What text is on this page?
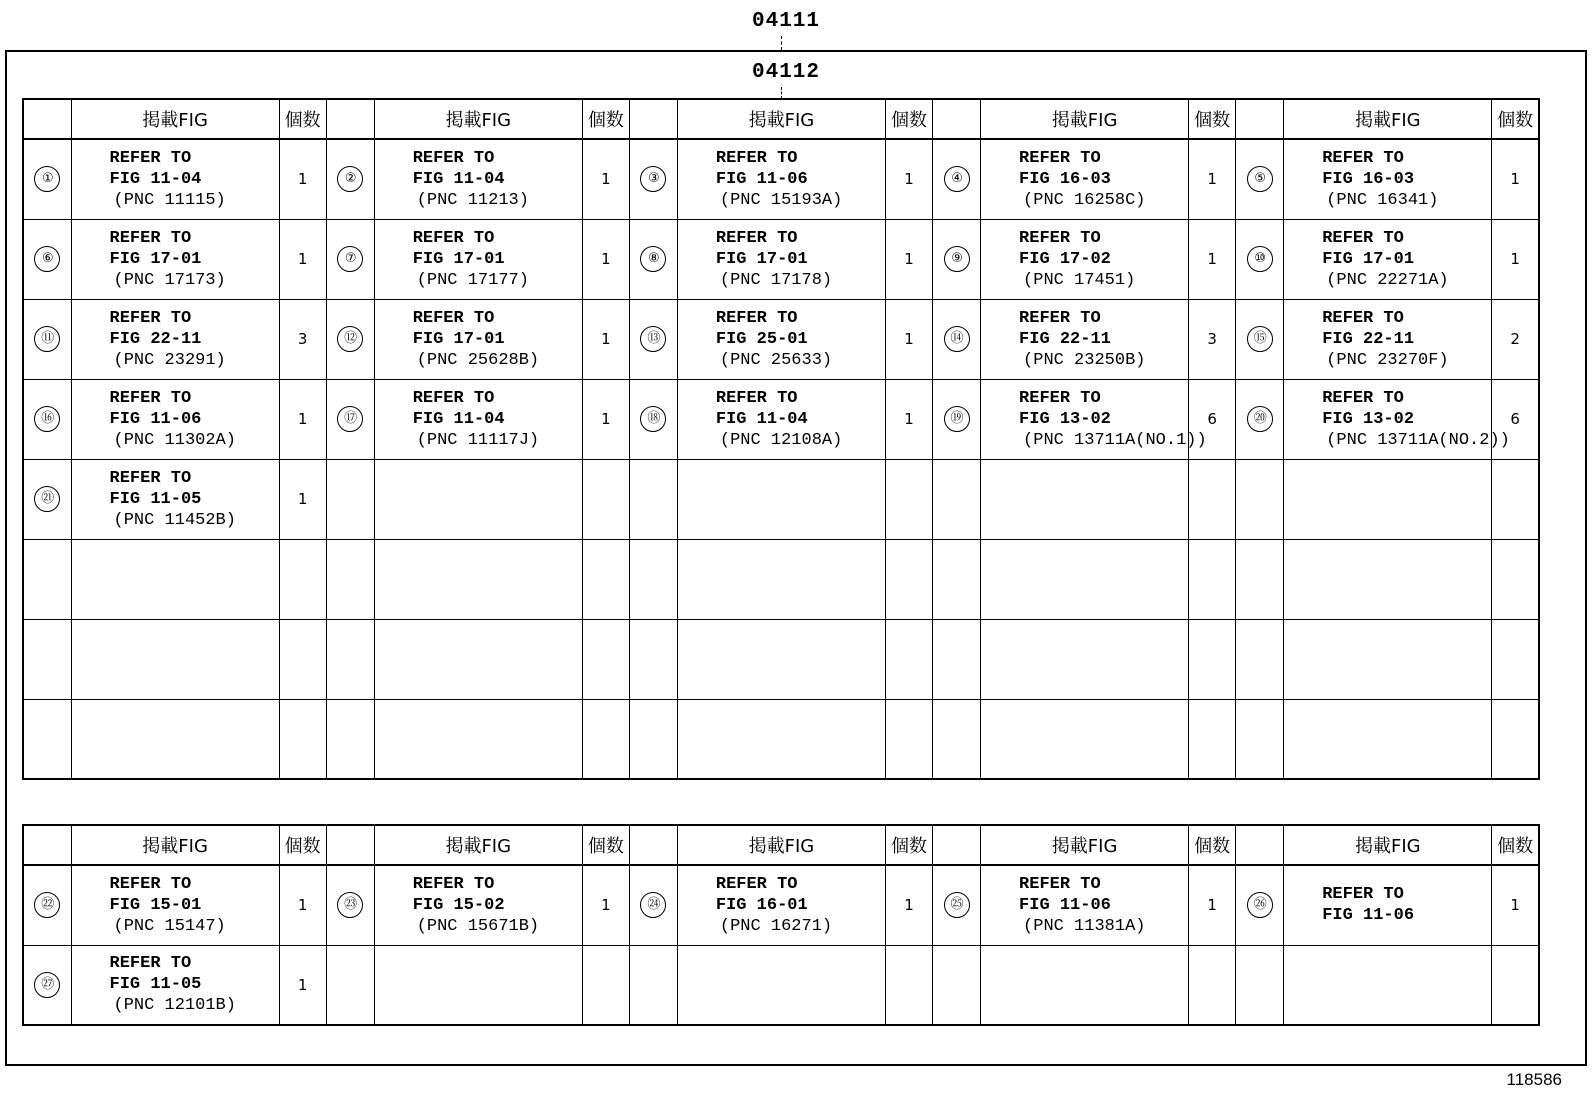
04111
04112
	掲載FIG	個数		掲載FIG	個数		掲載FIG	個数		掲載FIG	個数		掲載FIG	個数
①	REFER TO
FIG 11-04
(PNC 11115)	1	②	REFER TO
FIG 11-04
(PNC 11213)	1	③	REFER TO
FIG 11-06
(PNC 15193A)	1	④	REFER TO
FIG 16-03
(PNC 16258C)	1	⑤	REFER TO
FIG 16-03
(PNC 16341)	1
⑥	REFER TO
FIG 17-01
(PNC 17173)	1	⑦	REFER TO
FIG 17-01
(PNC 17177)	1	⑧	REFER TO
FIG 17-01
(PNC 17178)	1	⑨	REFER TO
FIG 17-02
(PNC 17451)	1	⑩	REFER TO
FIG 17-01
(PNC 22271A)	1
⑪	REFER TO
FIG 22-11
(PNC 23291)	3	⑫	REFER TO
FIG 17-01
(PNC 25628B)	1	⑬	REFER TO
FIG 25-01
(PNC 25633)	1	⑭	REFER TO
FIG 22-11
(PNC 23250B)	3	⑮	REFER TO
FIG 22-11
(PNC 23270F)	2
⑯	REFER TO
FIG 11-06
(PNC 11302A)	1	⑰	REFER TO
FIG 11-04
(PNC 11117J)	1	⑱	REFER TO
FIG 11-04
(PNC 12108A)	1	⑲	REFER TO
FIG 13-02
(PNC 13711A(NO.1))	6	⑳	REFER TO
FIG 13-02
(PNC 13711A(NO.2))	6
㉑	REFER TO
FIG 11-05
(PNC 11452B)	1												

	掲載FIG	個数		掲載FIG	個数		掲載FIG	個数		掲載FIG	個数		掲載FIG	個数
㉒	REFER TO
FIG 15-01
(PNC 15147)	1	㉓	REFER TO
FIG 15-02
(PNC 15671B)	1	㉔	REFER TO
FIG 16-01
(PNC 16271)	1	㉕	REFER TO
FIG 11-06
(PNC 11381A)	1	㉖	REFER TO
FIG 11-06	1
㉗	REFER TO
FIG 11-05
(PNC 12101B)	1												
118586
